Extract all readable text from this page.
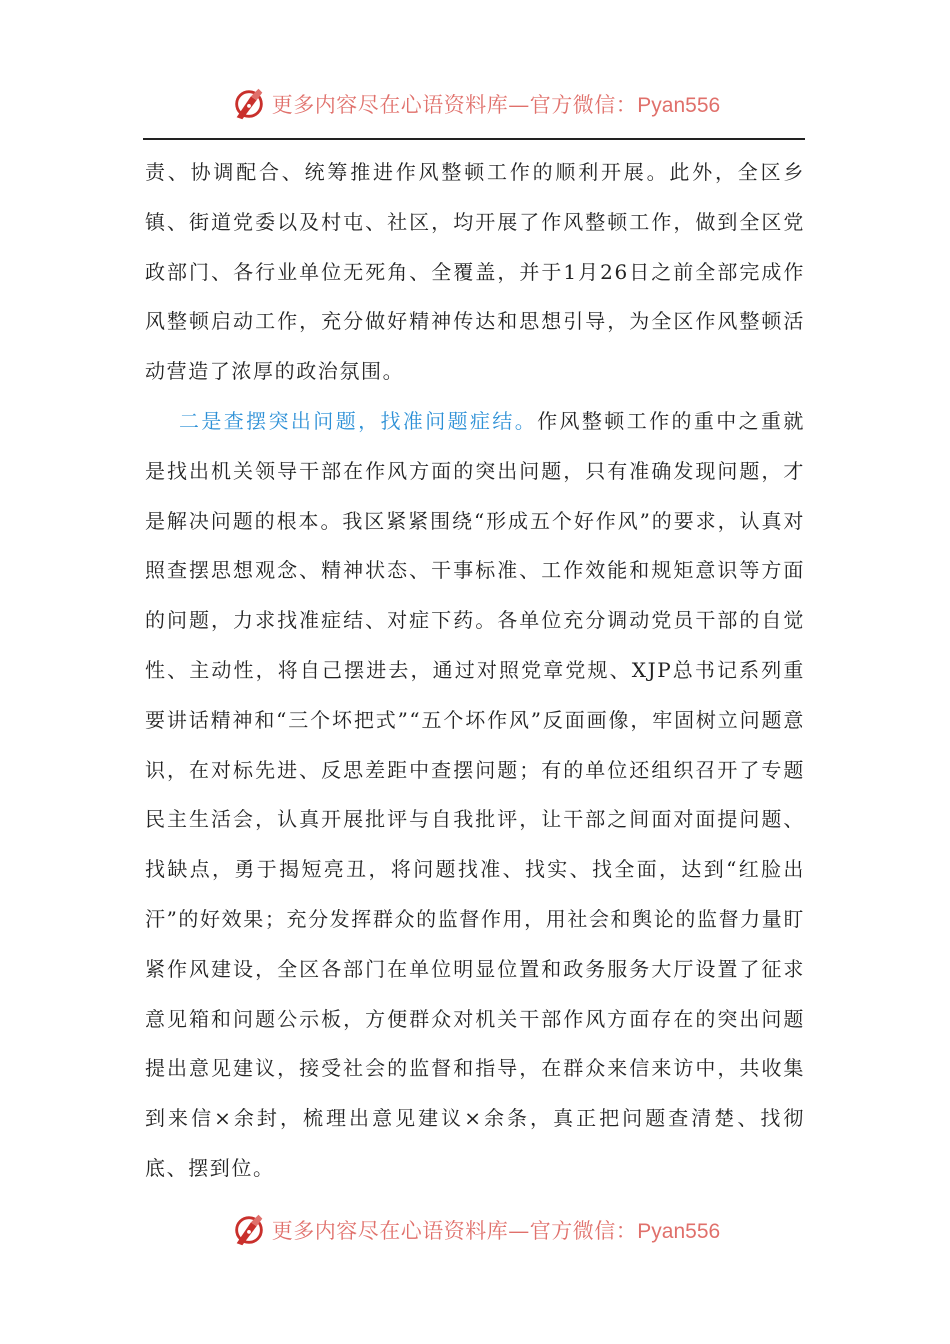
更多内容尽在心语资料库—官方微信：Pyan556

责、协调配合、统筹推进作风整顿工作的顺利开展。此外，全区乡镇、街道党委以及村屯、社区，均开展了作风整顿工作，做到全区党政部门、各行业单位无死角、全覆盖，并于1月26日之前全部完成作风整顿启动工作，充分做好精神传达和思想引导，为全区作风整顿活动营造了浓厚的政治氛围。

二是查摆突出问题，找准问题症结。作风整顿工作的重中之重就是找出机关领导干部在作风方面的突出问题，只有准确发现问题，才是解决问题的根本。我区紧紧围绕“形成五个好作风”的要求，认真对照查摆思想观念、精神状态、干事标准、工作效能和规矩意识等方面的问题，力求找准症结、对症下药。各单位充分调动党员干部的自觉性、主动性，将自己摆进去，通过对照党章党规、XJP总书记系列重要讲话精神和“三个坏把式”“五个坏作风”反面画像，牢固树立问题意识，在对标先进、反思差距中查摆问题；有的单位还组织召开了专题民主生活会，认真开展批评与自我批评，让干部之间面对面提问题、找缺点，勇于揭短亮丑，将问题找准、找实、找全面，达到“红脸出汗”的好效果；充分发挥群众的监督作用，用社会和舆论的监督力量盯紧作风建设，全区各部门在单位明显位置和政务服务大厅设置了征求意见箱和问题公示板，方便群众对机关干部作风方面存在的突出问题提出意见建议，接受社会的监督和指导，在群众来信来访中，共收集到来信×余封，梳理出意见建议×余条，真正把问题查清楚、找彻底、摆到位。

更多内容尽在心语资料库—官方微信：Pyan556
